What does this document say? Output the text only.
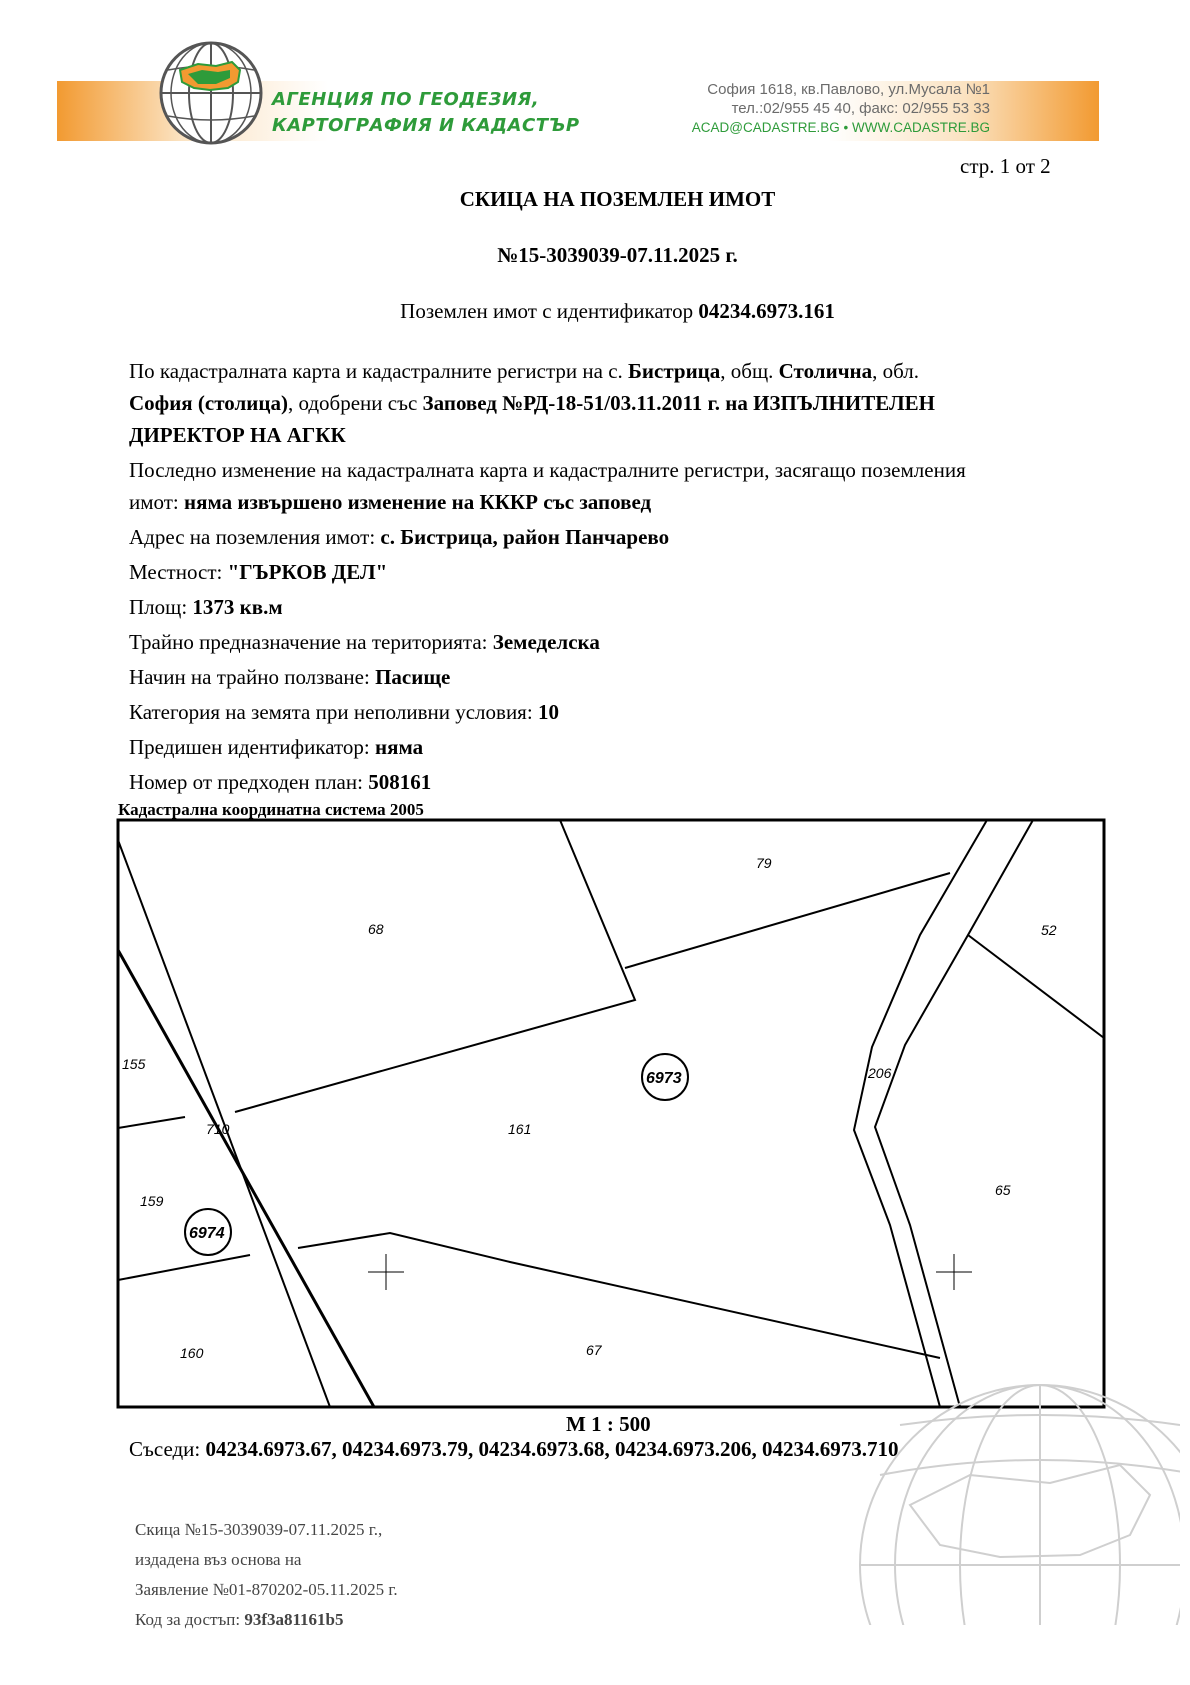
АГЕНЦИЯ ПО ГЕОДЕЗИЯ,
КАРТОГРАФИЯ И КАДАСТЪР
София 1618, кв.Павлово, ул.Мусала №1
тел.:02/955 45 40, факс: 02/955 53 33
ACAD@CADASTRE.BG • WWW.CADASTRE.BG
стр. 1 от 2
СКИЦА НА ПОЗЕМЛЕН ИМОТ
№15-3039039-07.11.2025 г.
Поземлен имот с идентификатор 04234.6973.161

По кадастралната карта и кадастралните регистри на с. Бистрица, общ. Столична, обл.

София (столица), одобрени със Заповед №РД-18-51/03.11.2011 г. на ИЗПЪЛНИТЕЛЕН

ДИРЕКТОР НА АГКК

Последно изменение на кадастралната карта и кадастралните регистри, засягащо поземления

имот: няма извършено изменение на КККР със заповед

Адрес на поземления имот: с. Бистрица, район Панчарево

Местност: "ГЪРКОВ ДЕЛ"

Площ: 1373 кв.м

Трайно предназначение на територията: Земеделска

Начин на трайно ползване: Пасище

Категория на земята при неполивни условия: 10

Предишен идентификатор: няма

Номер от предходен план: 508161

Кадастрална координатна система 2005
79
68	52
155
206
710	161
65
159
67
160
6973
6974
М 1 : 500
Съседи: 04234.6973.67, 04234.6973.79, 04234.6973.68, 04234.6973.206, 04234.6973.710
Скица №15-3039039-07.11.2025 г.,
издадена въз основа на
Заявление №01-870202-05.11.2025 г.
Код за достъп: 93f3a81161b5
